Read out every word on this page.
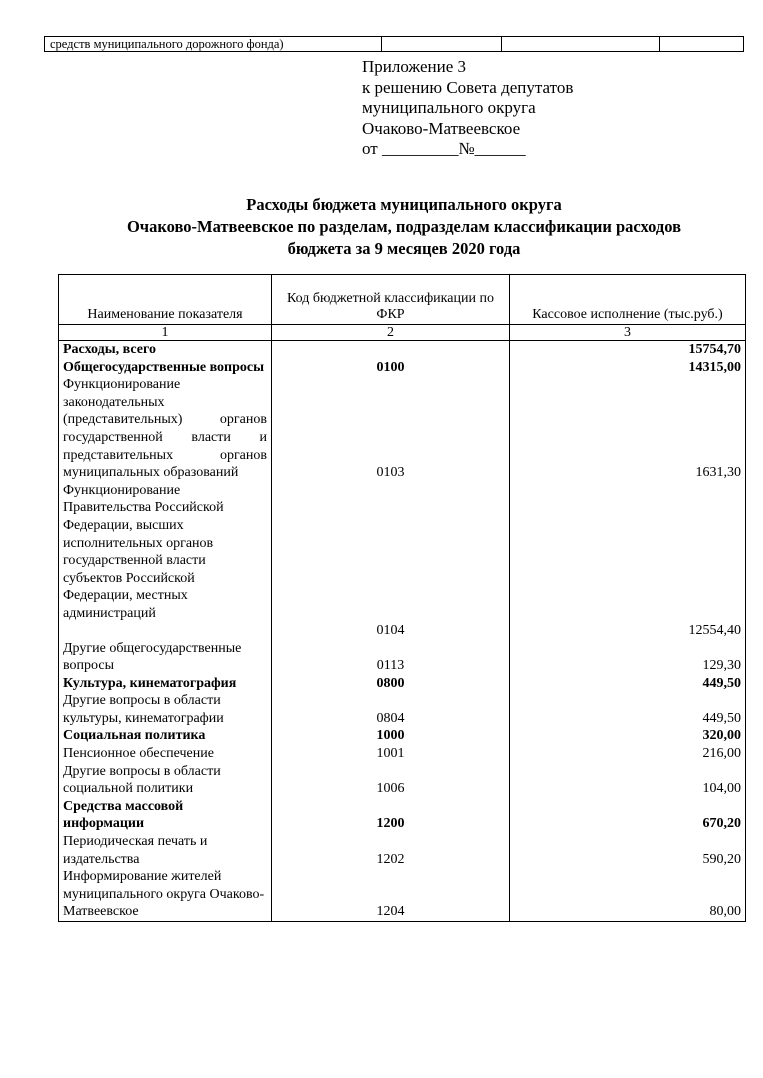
средств муниципального дорожного фонда)
Приложение 3
к решению Совета депутатов
муниципального округа
Очаково-Матвеевское
от _________№______
Расходы бюджета муниципального округа
Очаково-Матвеевское по разделам, подразделам классификации расходов
бюджета за 9 месяцев 2020 года
Наименование показателя	Код бюджетной классификации по ФКР	Кассовое исполнение (тыс.руб.)
1	2	3
Расходы, всего		15754,70
Общегосударственные вопросы	0100	14315,00
Функционирование законодательных (представительных) органов государственной власти и представительных органов муниципальных образований	0103	1631,30
Функционирование Правительства Российской Федерации, высших исполнительных органов государственной власти субъектов Российской Федерации, местных администраций	0104	12554,40
Другие общегосударственные вопросы	0113	129,30
Культура, кинематография	0800	449,50
Другие вопросы в области культуры, кинематографии	0804	449,50
Социальная политика	1000	320,00
Пенсионное обеспечение	1001	216,00
Другие вопросы в области социальной политики	1006	104,00
Средства массовой информации	1200	670,20
Периодическая печать и издательства	1202	590,20
Информирование жителей муниципального округа Очаково-Матвеевское	1204	80,00
